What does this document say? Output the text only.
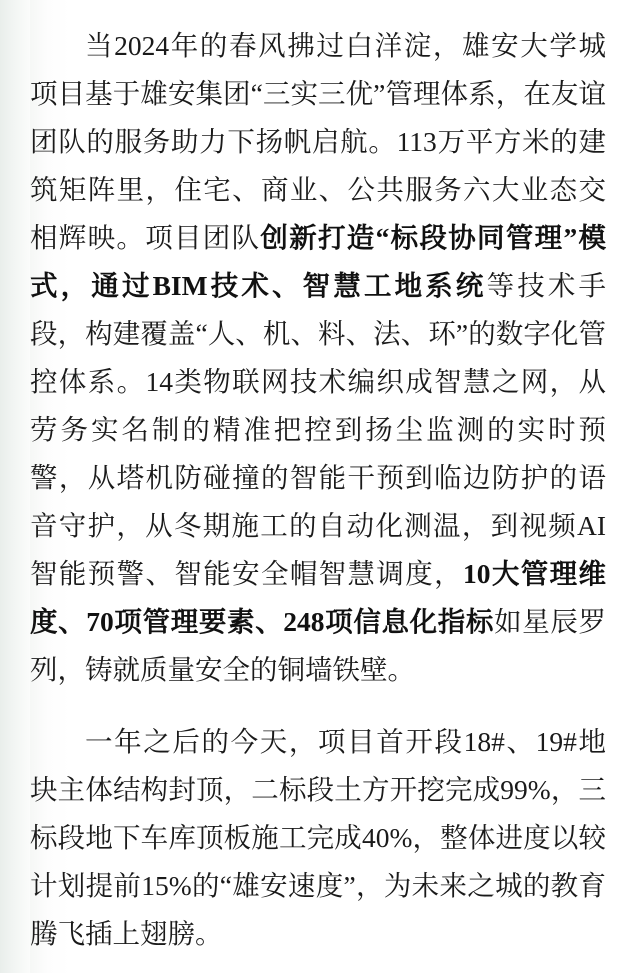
当2024年的春风拂过白洋淀，雄安大学城项目基于雄安集团“三实三优”管理体系，在友谊团队的服务助力下扬帆启航。113万平方米的建筑矩阵里，住宅、商业、公共服务六大业态交相辉映。项目团队创新打造“标段协同管理”模式，通过BIM技术、智慧工地系统等技术手段，构建覆盖“人、机、料、法、环”的数字化管控体系。14类物联网技术编织成智慧之网，从劳务实名制的精准把控到扬尘监测的实时预警，从塔机防碰撞的智能干预到临边防护的语音守护，从冬期施工的自动化测温，到视频AI智能预警、智能安全帽智慧调度，10大管理维度、70项管理要素、248项信息化指标如星辰罗列，铸就质量安全的铜墙铁壁。

一年之后的今天，项目首开段18#、19#地块主体结构封顶，二标段土方开挖完成99%，三标段地下车库顶板施工完成40%，整体进度以较计划提前15%的“雄安速度”，为未来之城的教育腾飞插上翅膀。
